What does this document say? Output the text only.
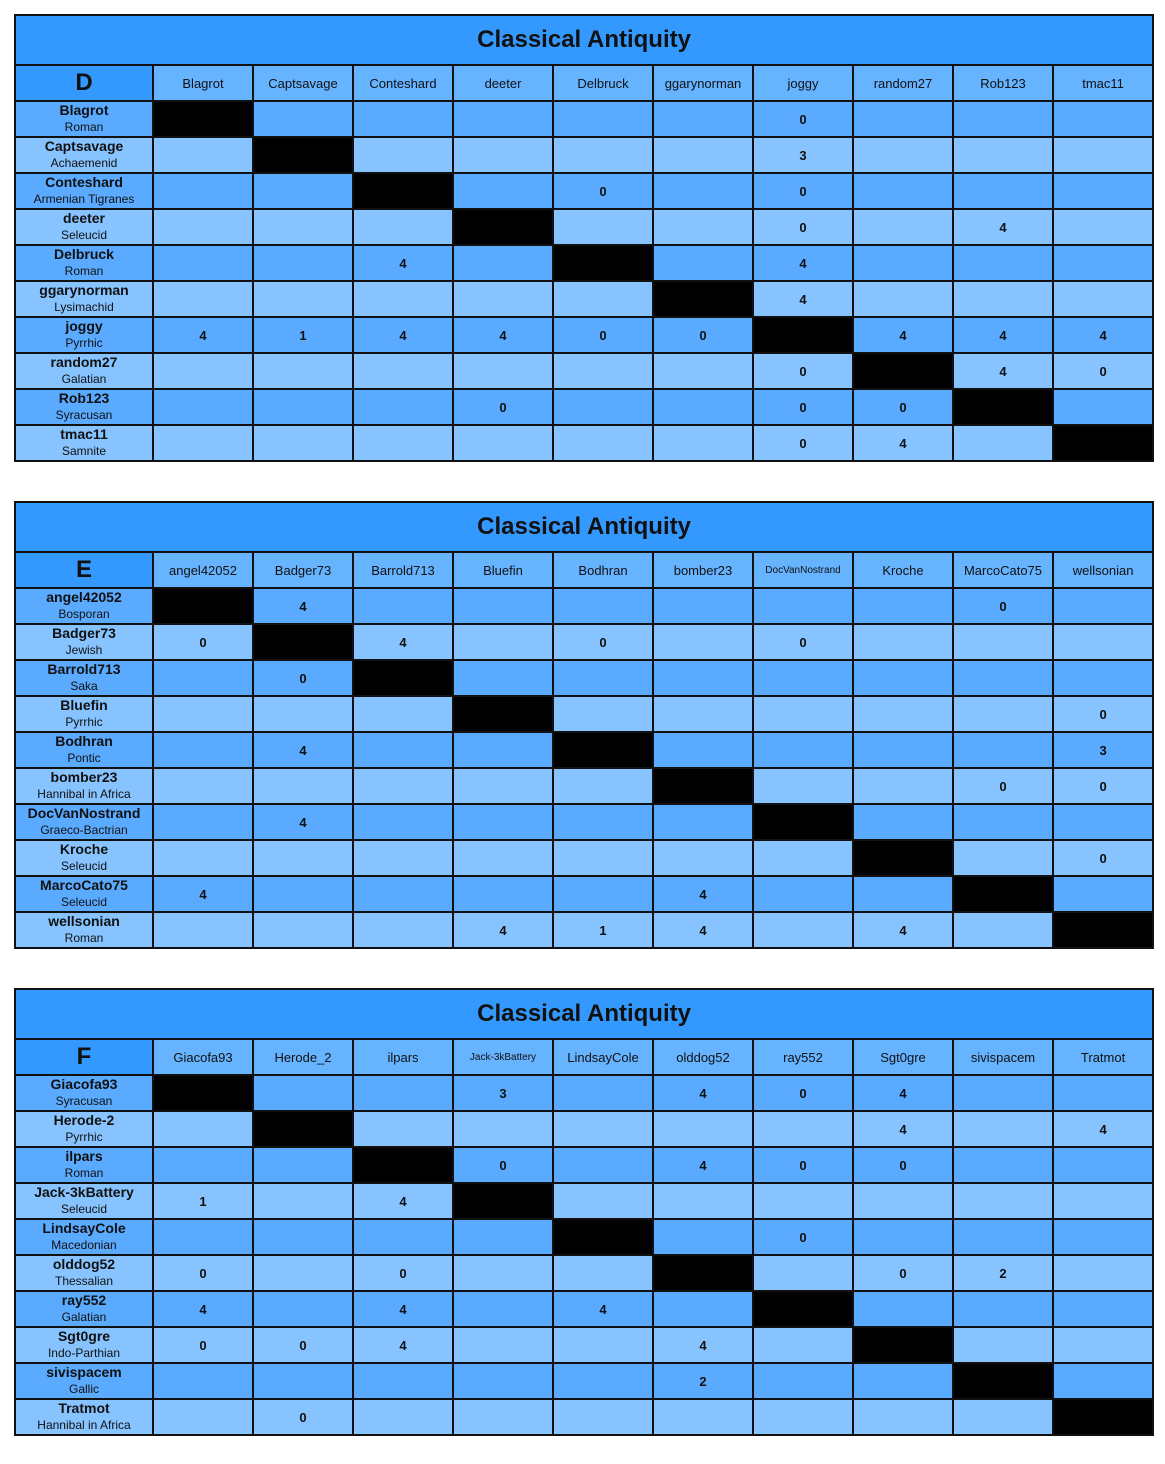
Classical Antiquity										
D	Blagrot	Captsavage	Conteshard	deeter	Delbruck	ggarynorman	joggy	random27	Rob123	tmac11

Blagrot
Roman							0			

Captsavage
Achaemenid							3			

Conteshard
Armenian Tigranes					0		0			

deeter
Seleucid							0		4	

Delbruck
Roman			4				4			

ggarynorman
Lysimachid							4			

joggy
Pyrrhic	4	1	4	4	0	0		4	4	4

random27
Galatian							0		4	0

Rob123
Syracusan				0			0	0		

tmac11
Samnite							0	4		
Classical Antiquity										
E	angel42052	Badger73	Barrold713	Bluefin	Bodhran	bomber23	DocVanNostrand	Kroche	MarcoCato75	wellsonian

angel42052
Bosporan		4							0	

Badger73
Jewish	0		4		0		0			

Barrold713
Saka		0								

Bluefin
Pyrrhic										0

Bodhran
Pontic		4								3

bomber23
Hannibal in Africa									0	0

DocVanNostrand
Graeco-Bactrian		4								

Kroche
Seleucid										0

MarcoCato75
Seleucid	4					4				

wellsonian
Roman				4	1	4		4		
Classical Antiquity										
F	Giacofa93	Herode_2	ilpars	Jack-3kBattery	LindsayCole	olddog52	ray552	Sgt0gre	sivispacem	Tratmot

Giacofa93
Syracusan				3		4	0	4		

Herode-2
Pyrrhic								4		4

ilpars
Roman				0		4	0	0		

Jack-3kBattery
Seleucid	1		4							

LindsayCole
Macedonian							0			

olddog52
Thessalian	0		0					0	2	

ray552
Galatian	4		4		4					

Sgt0gre
Indo-Parthian	0	0	4			4				

sivispacem
Gallic						2				

Tratmot
Hannibal in Africa		0								
